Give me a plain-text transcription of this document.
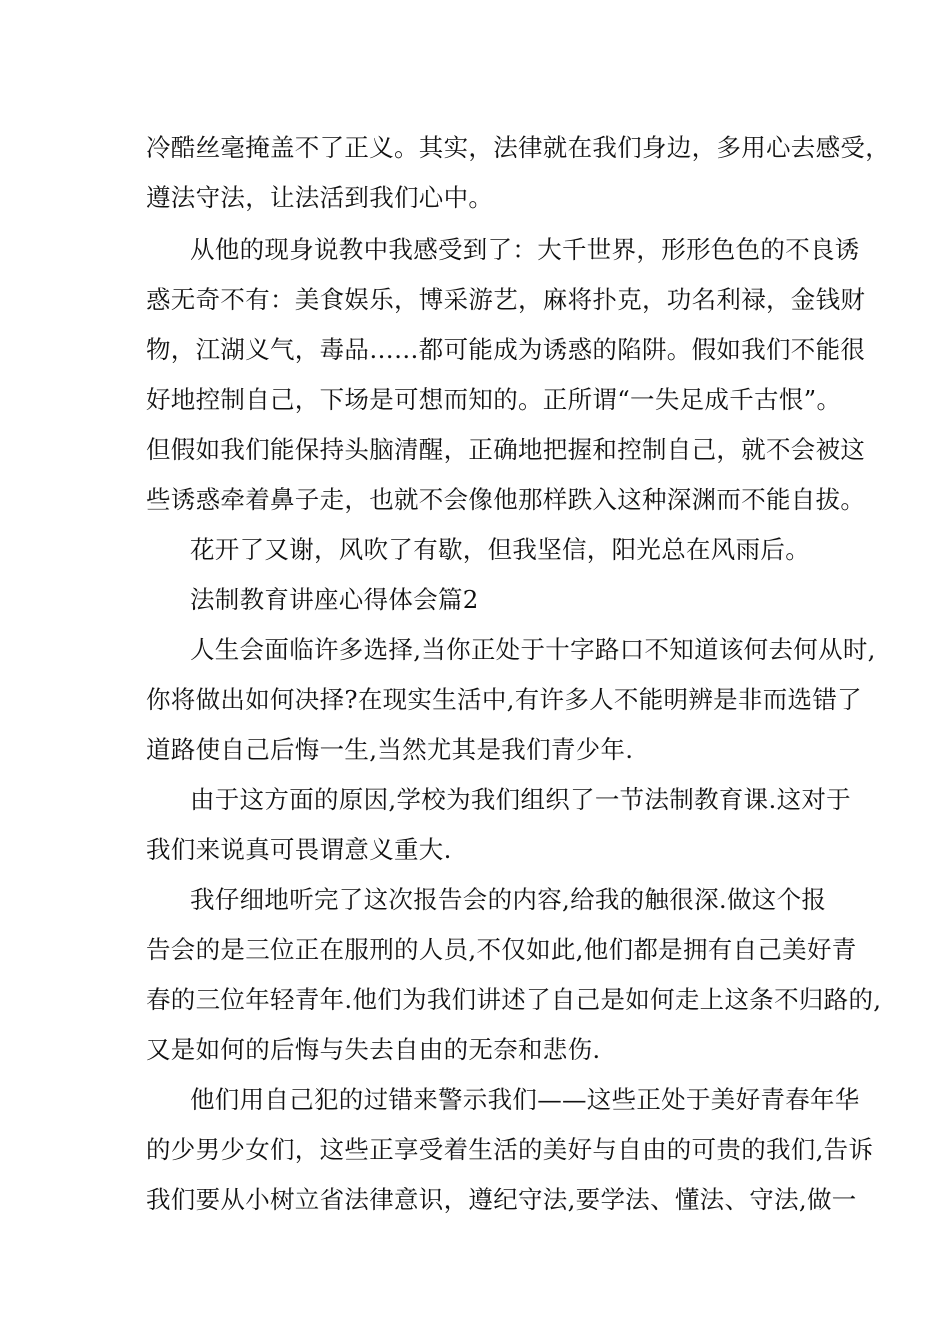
冷酷丝毫掩盖不了正义。其实，法律就在我们身边，多用心去感受，
遵法守法，让法活到我们心中。
从他的现身说教中我感受到了：大千世界，形形色色的不良诱
惑无奇不有：美食娱乐，博采游艺，麻将扑克，功名利禄，金钱财
物，江湖义气，毒品……都可能成为诱惑的陷阱。假如我们不能很
好地控制自己，下场是可想而知的。正所谓“一失足成千古恨”。
但假如我们能保持头脑清醒，正确地把握和控制自己，就不会被这
些诱惑牵着鼻子走，也就不会像他那样跌入这种深渊而不能自拔。
花开了又谢，风吹了有歇，但我坚信，阳光总在风雨后。
法制教育讲座心得体会篇2
人生会面临许多选择,当你正处于十字路口不知道该何去何从时,
你将做出如何决择?在现实生活中,有许多人不能明辨是非而选错了
道路使自己后悔一生,当然尤其是我们青少年.
由于这方面的原因,学校为我们组织了一节法制教育课.这对于
我们来说真可畏谓意义重大.
我仔细地听完了这次报告会的内容,给我的触很深.做这个报
告会的是三位正在服刑的人员,不仅如此,他们都是拥有自己美好青
春的三位年轻青年.他们为我们讲述了自己是如何走上这条不归路的,
又是如何的后悔与失去自由的无奈和悲伤.
他们用自己犯的过错来警示我们——这些正处于美好青春年华
的少男少女们，这些正享受着生活的美好与自由的可贵的我们,告诉
我们要从小树立省法律意识，遵纪守法,要学法、懂法、守法,做一
